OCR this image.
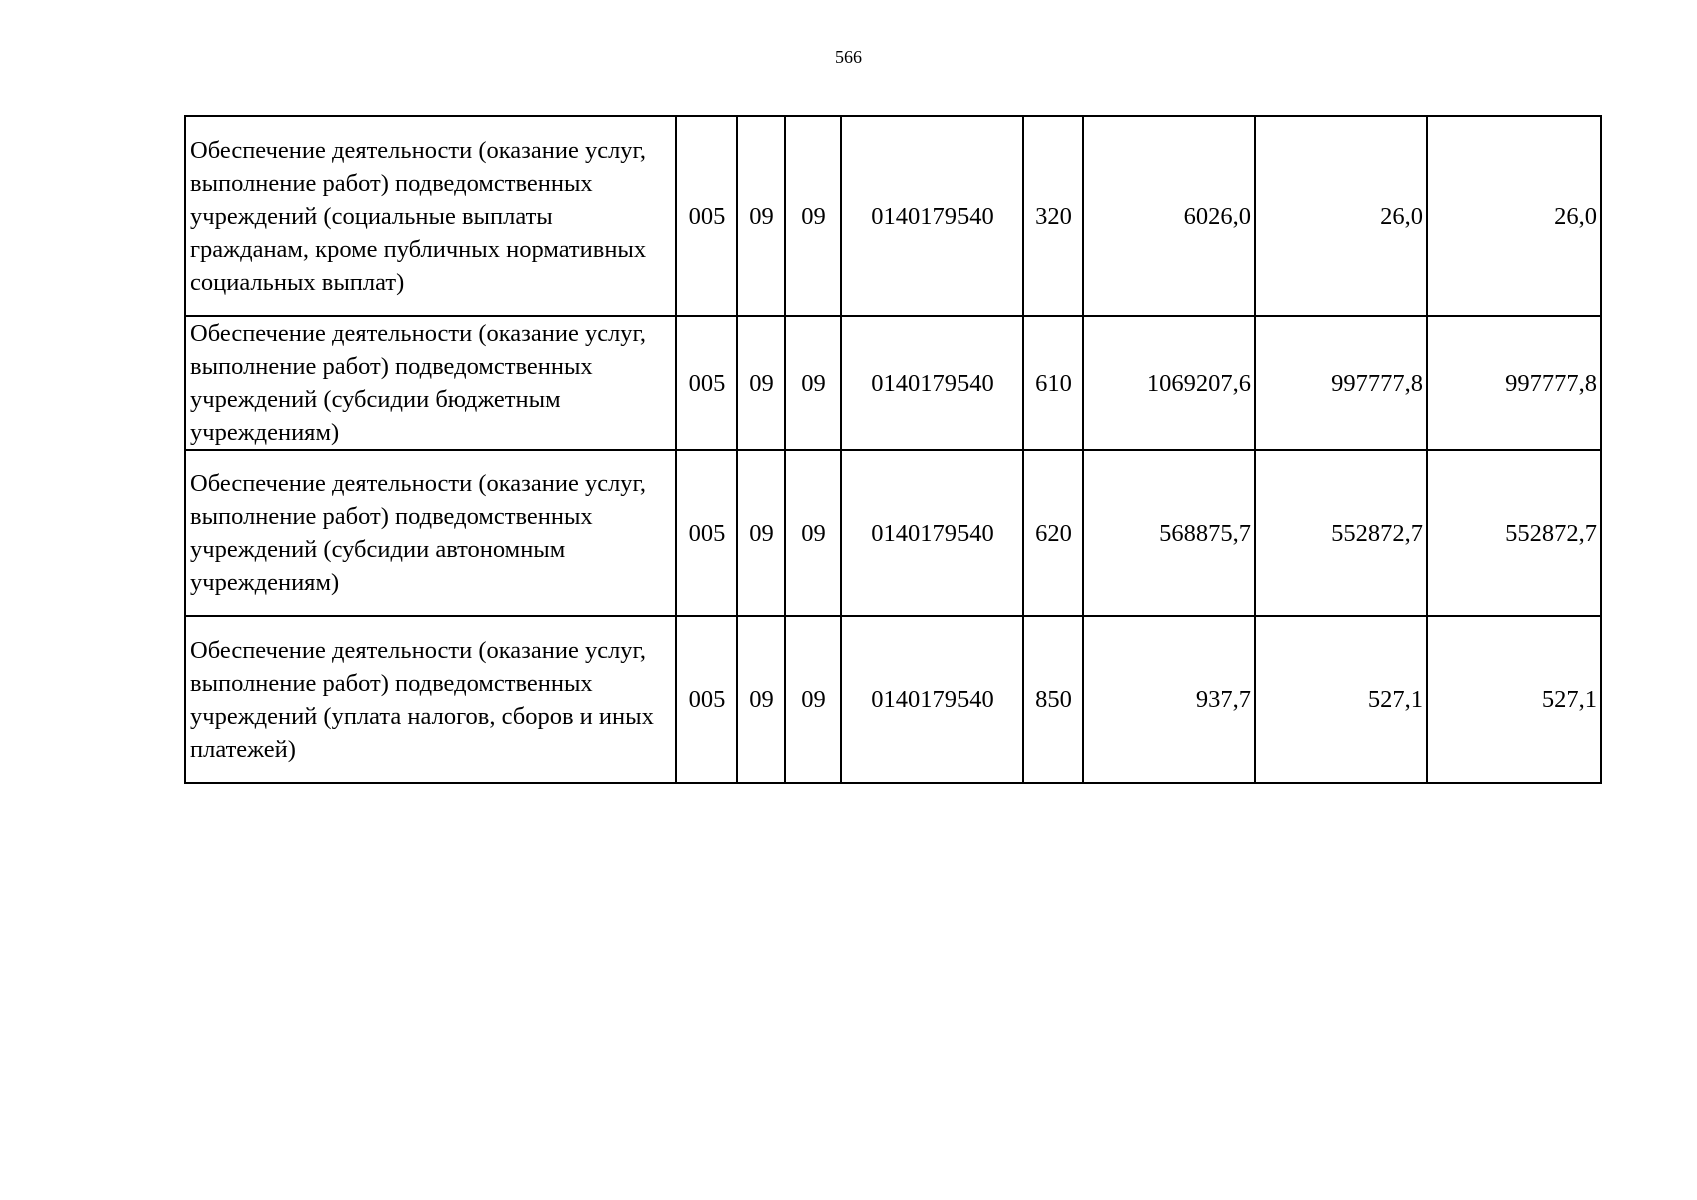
566
Обеспечение деятельности (оказание услуг, выполнение работ) подведомственных учреждений (социальные выплаты гражданам, кроме публичных нормативных социальных выплат)	005	09	09	0140179540	320	6026,0	26,0	26,0
Обеспечение деятельности (оказание услуг, выполнение работ) подведомственных учреждений (субсидии бюджетным учреждениям)	005	09	09	0140179540	610	1069207,6	997777,8	997777,8
Обеспечение деятельности (оказание услуг, выполнение работ) подведомственных учреждений (субсидии автономным учреждениям)	005	09	09	0140179540	620	568875,7	552872,7	552872,7
Обеспечение деятельности (оказание услуг, выполнение работ) подведомственных учреждений (уплата налогов, сборов и иных платежей)	005	09	09	0140179540	850	937,7	527,1	527,1
